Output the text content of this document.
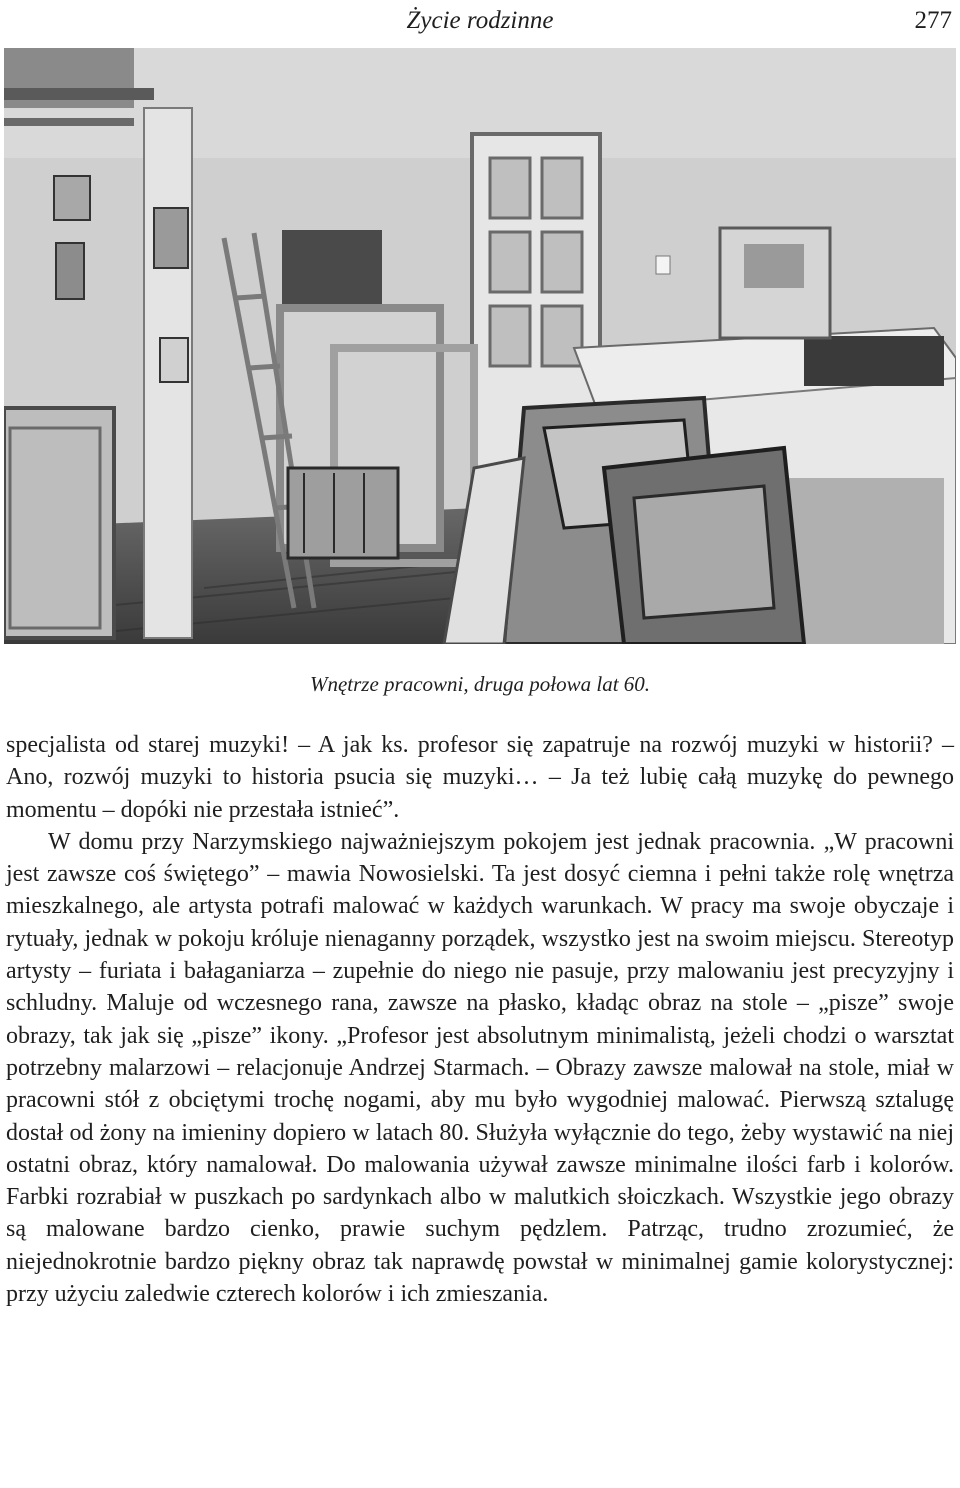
Życie rodzinne	277
Wnętrze pracowni, druga połowa lat 60.

specjalista od starej muzyki! – A jak ks. profesor się zapatruje na rozwój muzyki w historii? – Ano, rozwój muzyki to historia psucia się muzyki… – Ja też lubię całą muzykę do pewnego momentu – dopóki nie przestała istnieć”.

W domu przy Narzymskiego najważniejszym pokojem jest jednak pracownia. „W pracowni jest zawsze coś świętego” – mawia Nowosielski. Ta jest dosyć ciemna i pełni także rolę wnętrza mieszkalnego, ale artysta potrafi malować w każdych warunkach. W pracy ma swoje obyczaje i rytuały, jednak w pokoju króluje nienaganny porządek, wszystko jest na swoim miejscu. Stereotyp artysty – furiata i bałaganiarza – zupełnie do niego nie pasuje, przy malowaniu jest precyzyjny i schludny. Maluje od wczesnego rana, zawsze na płasko, kładąc obraz na stole – „pisze” swoje obrazy, tak jak się „pisze” ikony. „Profesor jest absolutnym minimalistą, jeżeli chodzi o warsztat potrzebny malarzowi – relacjonuje Andrzej Starmach. – Obrazy zawsze malował na stole, miał w pracowni stół z obciętymi trochę nogami, aby mu było wygodniej malować. Pierwszą sztalugę dostał od żony na imieniny dopiero w latach 80. Służyła wyłącznie do tego, żeby wystawić na niej ostatni obraz, który namalował. Do malowania używał zawsze minimalne ilości farb i kolorów. Farbki rozrabiał w puszkach po sardynkach albo w malutkich słoiczkach. Wszystkie jego obrazy są malowane bardzo cienko, prawie suchym pędzlem. Patrząc, trudno zrozumieć, że niejednokrotnie bardzo piękny obraz tak naprawdę powstał w minimalnej gamie kolorystycznej: przy użyciu zaledwie czterech kolorów i ich zmieszania.
